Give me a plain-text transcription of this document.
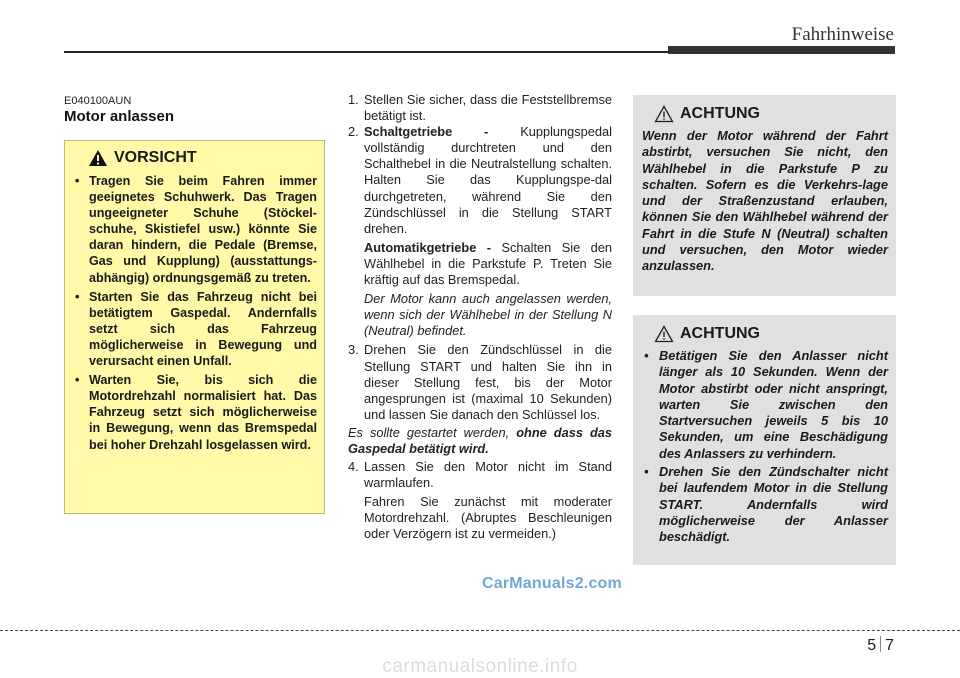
Fahrhinweise
E040100AUN
Motor anlassen
VORSICHT
• Tragen Sie beim Fahren immer geeignetes Schuhwerk. Das Tragen ungeeigneter Schuhe (Stöckel-schuhe, Skistiefel usw.) könnte Sie daran hindern, die Pedale (Bremse, Gas und Kupplung) (ausstattungs-abhängig) ordnungsgemäß zu treten.
• Starten Sie das Fahrzeug nicht bei betätigtem Gaspedal. Andernfalls setzt sich das Fahrzeug möglicherweise in Bewegung und verursacht einen Unfall.
• Warten Sie, bis sich die Motordrehzahl normalisiert hat. Das Fahrzeug setzt sich möglicherweise in Bewegung, wenn das Bremspedal bei hoher Drehzahl losgelassen wird.

1. Stellen Sie sicher, dass die Feststellbremse betätigt ist.

2. Schaltgetriebe - Kupplungspedal vollständig durchtreten und den Schalthebel in die Neutralstellung schalten. Halten Sie das Kupplungspe-dal durchgetreten, während Sie den Zündschlüssel in die Stellung START drehen.

Automatikgetriebe - Schalten Sie den Wählhebel in die Parkstufe P. Treten Sie kräftig auf das Bremspedal.

Der Motor kann auch angelassen werden, wenn sich der Wählhebel in der Stellung N (Neutral) befindet.

3. Drehen Sie den Zündschlüssel in die Stellung START und halten Sie ihn in dieser Stellung fest, bis der Motor angesprungen ist (maximal 10 Sekunden) und lassen Sie danach den Schlüssel los.

Es sollte gestartet werden, ohne dass das Gaspedal betätigt wird.

4. Lassen Sie den Motor nicht im Stand warmlaufen.

Fahren Sie zunächst mit moderater Motordrehzahl. (Abruptes Beschleunigen oder Verzögern ist zu vermeiden.)

ACHTUNG

Wenn der Motor während der Fahrt abstirbt, versuchen Sie nicht, den Wählhebel in die Parkstufe P zu schalten. Sofern es die Verkehrs-lage und der Straßenzustand erlauben, können Sie den Wählhebel während der Fahrt in die Stufe N (Neutral) schalten und versuchen, den Motor wieder anzulassen.

ACHTUNG
• Betätigen Sie den Anlasser nicht länger als 10 Sekunden. Wenn der Motor abstirbt oder nicht anspringt, warten Sie zwischen den Startversuchen jeweils 5 bis 10 Sekunden, um eine Beschädigung des Anlassers zu verhindern.
• Drehen Sie den Zündschalter nicht bei laufendem Motor in die Stellung START. Andernfalls wird möglicherweise der Anlasser beschädigt.
CarManuals2.com
5 7
carmanualsonline.info
